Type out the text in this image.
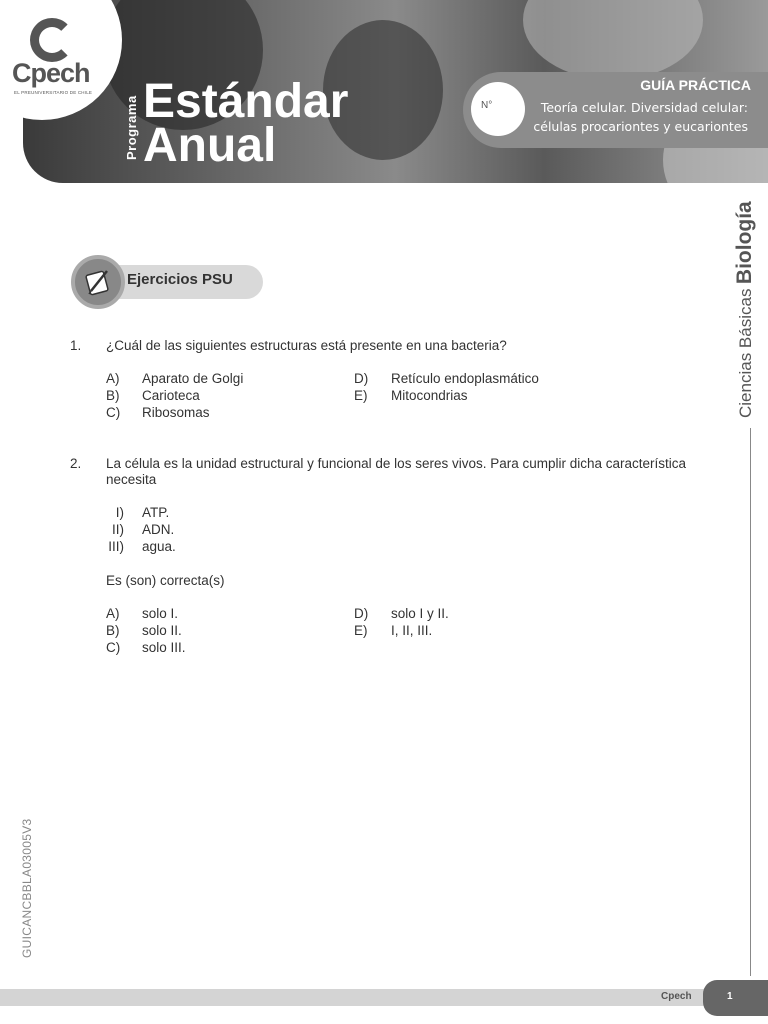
Cpech
EL PREUNIVERSITARIO DE CHILE
Programa Estándar
Anual
N°
GUÍA PRÁCTICA
Teoría celular. Diversidad celular:
células procariontes y eucariontes
Ciencias Básicas Biología
GUICANCBBLA03005V3
Ejercicios PSU
1. ¿Cuál de las siguientes estructuras está presente en una bacteria?
A) Aparato de Golgi
B) Carioteca
C) Ribosomas
D) Retículo endoplasmático
E) Mitocondrias
2. La célula es la unidad estructural y funcional de los seres vivos. Para cumplir dicha característica
necesita
I) ATP.
II) ADN.
III) agua.
Es (son) correcta(s)
A) solo I.
B) solo II.
C) solo III.
D) solo I y II.
E) I, II, III.
Cpech	1
